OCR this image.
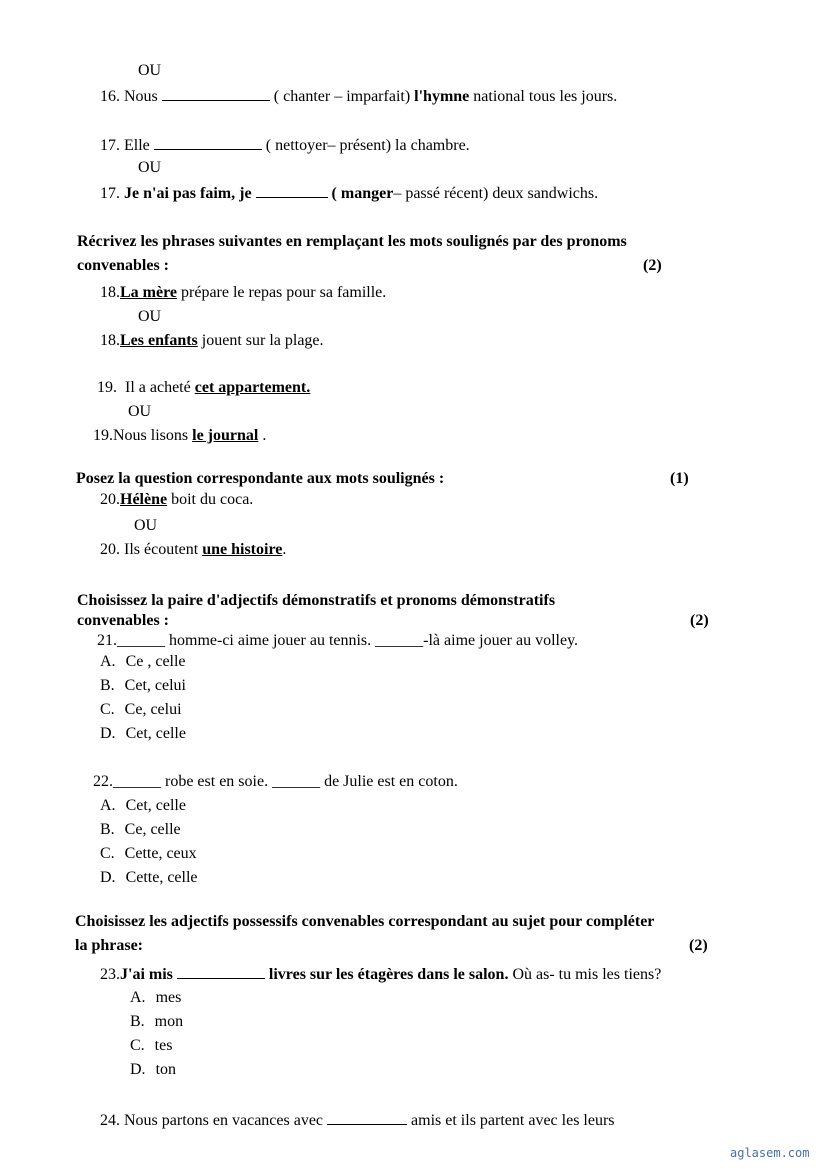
OU
16. Nous	( chanter – imparfait) l'hymne national tous les jours.
17. Elle	( nettoyer– présent) la chambre.
OU
17. Je n'ai pas faim, je	( manger– passé récent) deux sandwichs.
Récrivez les phrases suivantes en remplaçant les mots soulignés par des pronoms
convenables :	(2)
18.La mère prépare le repas pour sa famille.
OU
18.Les enfants jouent sur la plage.
19. Il a acheté cet appartement.
OU
19.Nous lisons le journal .
Posez la question correspondante aux mots soulignés :	(1)
20.Hélène boit du coca.
OU
20. Ils écoutent une histoire.
Choisissez la paire d'adjectifs démonstratifs et pronoms démonstratifs
convenables :	(2)
21.______ homme-ci aime jouer au tennis. ______-là aime jouer au volley.
A. Ce , celle
B. Cet, celui
C. Ce, celui
D. Cet, celle
22.______ robe est en soie. ______ de Julie est en coton.
A. Cet, celle
B. Ce, celle
C. Cette, ceux
D. Cette, celle
Choisissez les adjectifs possessifs convenables correspondant au sujet pour compléter
la phrase:	(2)
23.J'ai mis	livres sur les étagères dans le salon. Où as- tu mis les tiens?
A. mes
B. mon
C. tes
D. ton
24. Nous partons en vacances avec	amis et ils partent avec les leurs
aglasem.com
